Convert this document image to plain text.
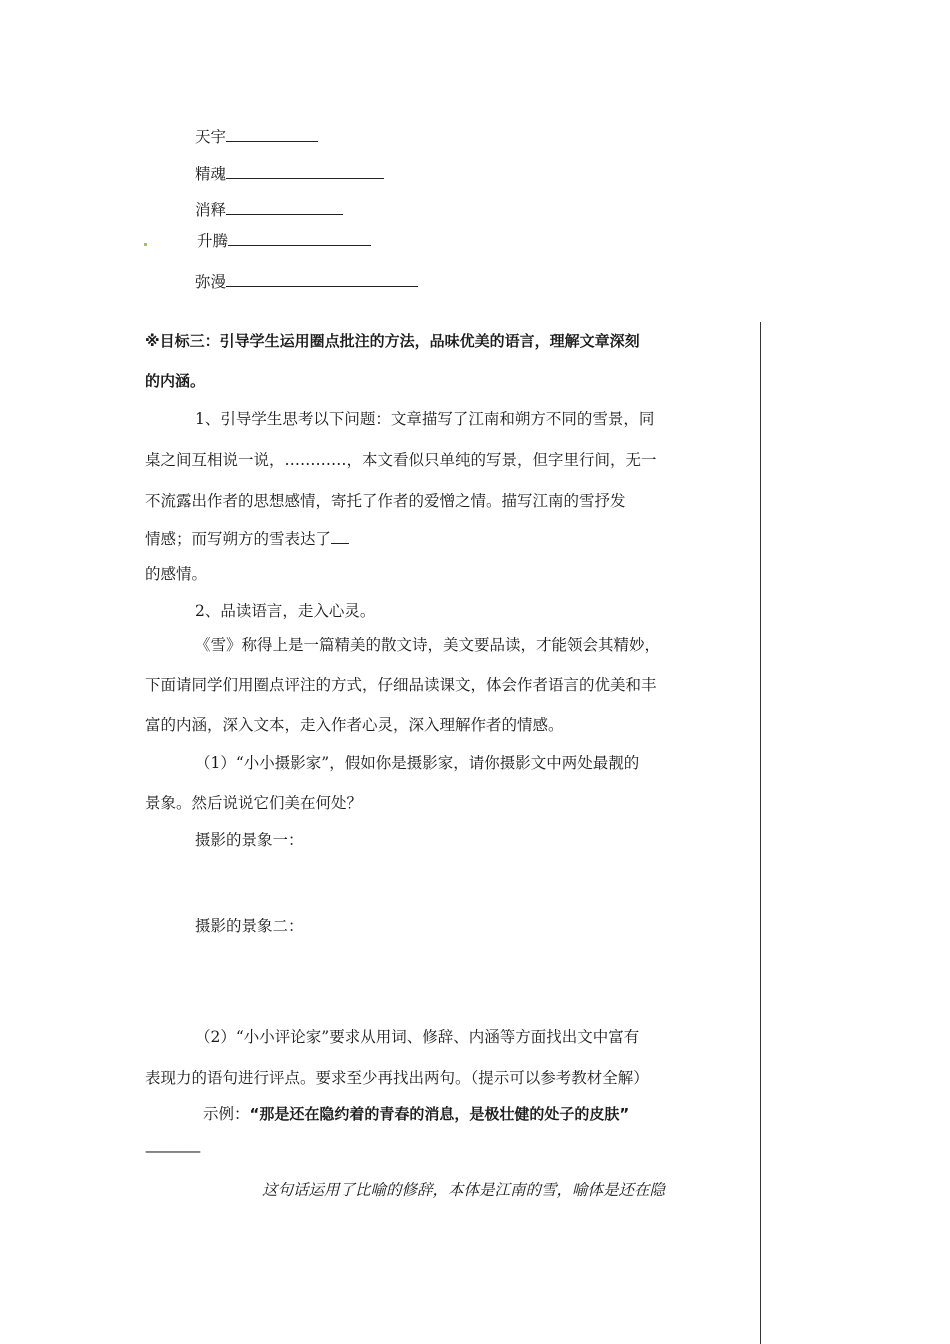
天宇
精魂
消释
升腾
弥漫
※目标三：引导学生运用圈点批注的方法，品味优美的语言，理解文章深刻
的内涵。
1、引导学生思考以下问题：文章描写了江南和朔方不同的雪景，同
桌之间互相说一说，…………，本文看似只单纯的写景，但字里行间，无一
不流露出作者的思想感情，寄托了作者的爱憎之情。描写江南的雪抒发
情感；而写朔方的雪表达了
的感情。
2、品读语言，走入心灵。
《雪》称得上是一篇精美的散文诗，美文要品读，才能领会其精妙，
下面请同学们用圈点评注的方式，仔细品读课文，体会作者语言的优美和丰
富的内涵，深入文本，走入作者心灵，深入理解作者的情感。
（1）“小小摄影家”，假如你是摄影家，请你摄影文中两处最靓的
景象。然后说说它们美在何处？
摄影的景象一：
摄影的景象二：
（2）“小小评论家”要求从用词、修辞、内涵等方面找出文中富有
表现力的语句进行评点。要求至少再找出两句。（提示可以参考教材全解）
示例：“那是还在隐约着的青春的消息，是极壮健的处子的皮肤”
————
这句话运用了比喻的修辞，本体是江南的雪，喻体是还在隐
